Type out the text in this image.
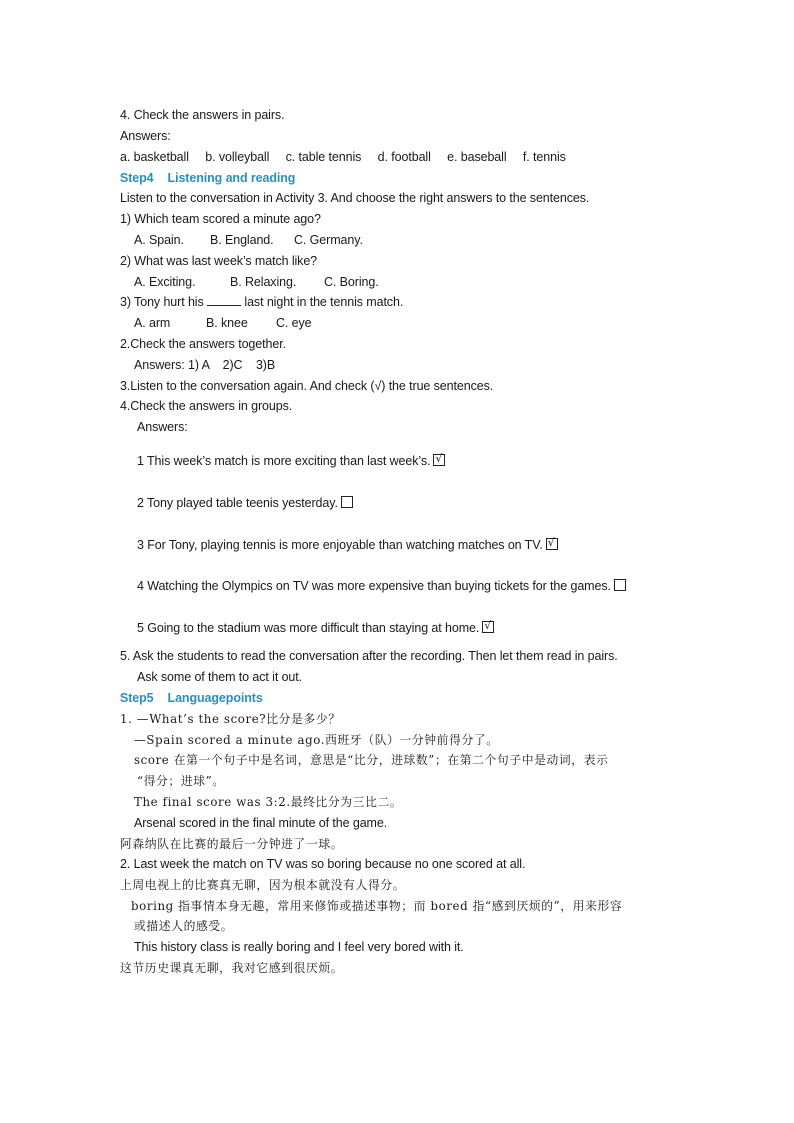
4. Check the answers in pairs.
Answers:
a. basketball b. volleyball c. table tennis d. football e. baseball f. tennis
Step4 Listening and reading
Listen to the conversation in Activity 3. And choose the right answers to the sentences.
1) Which team scored a minute ago?
A. Spain. B. England. C. Germany.
2) What was last week’s match like?
A. Exciting.	B. Relaxing. C. Boring.
3) Tony hurt his	last night in the tennis match.
A. arm	B. knee C. eye
2.Check the answers together.
Answers: 1) A    2)C    3)B
3.Listen to the conversation again. And check (√) the true sentences.
4.Check the answers in groups.
Answers:
1 This week’s match is more exciting than last week’s. √
2 Tony played table teenis yesterday.
3 For Tony, playing tennis is more enjoyable than watching matches on TV. √
4 Watching the Olympics on TV was more expensive than buying tickets for the games.
5 Going to the stadium was more difficult than staying at home. √
5. Ask the students to read the conversation after the recording. Then let them read in pairs.
Ask some of them to act it out.
Step5 Languagepoints
1. —What’s the score?比分是多少？
—Spain scored a minute ago.西班牙（队）一分钟前得分了。
score 在第一个句子中是名词，意思是“比分，进球数”；在第二个句子中是动词，表示
“得分；进球”。
The final score was 3:2.最终比分为三比二。
Arsenal scored in the final minute of the game.
阿森纳队在比赛的最后一分钟进了一球。
2. Last week the match on TV was so boring because no one scored at all.
上周电视上的比赛真无聊，因为根本就没有人得分。
boring 指事情本身无趣，常用来修饰或描述事物；而 bored 指“感到厌烦的”，用来形容
或描述人的感受。
This history class is really boring and I feel very bored with it.
这节历史课真无聊，我对它感到很厌烦。
